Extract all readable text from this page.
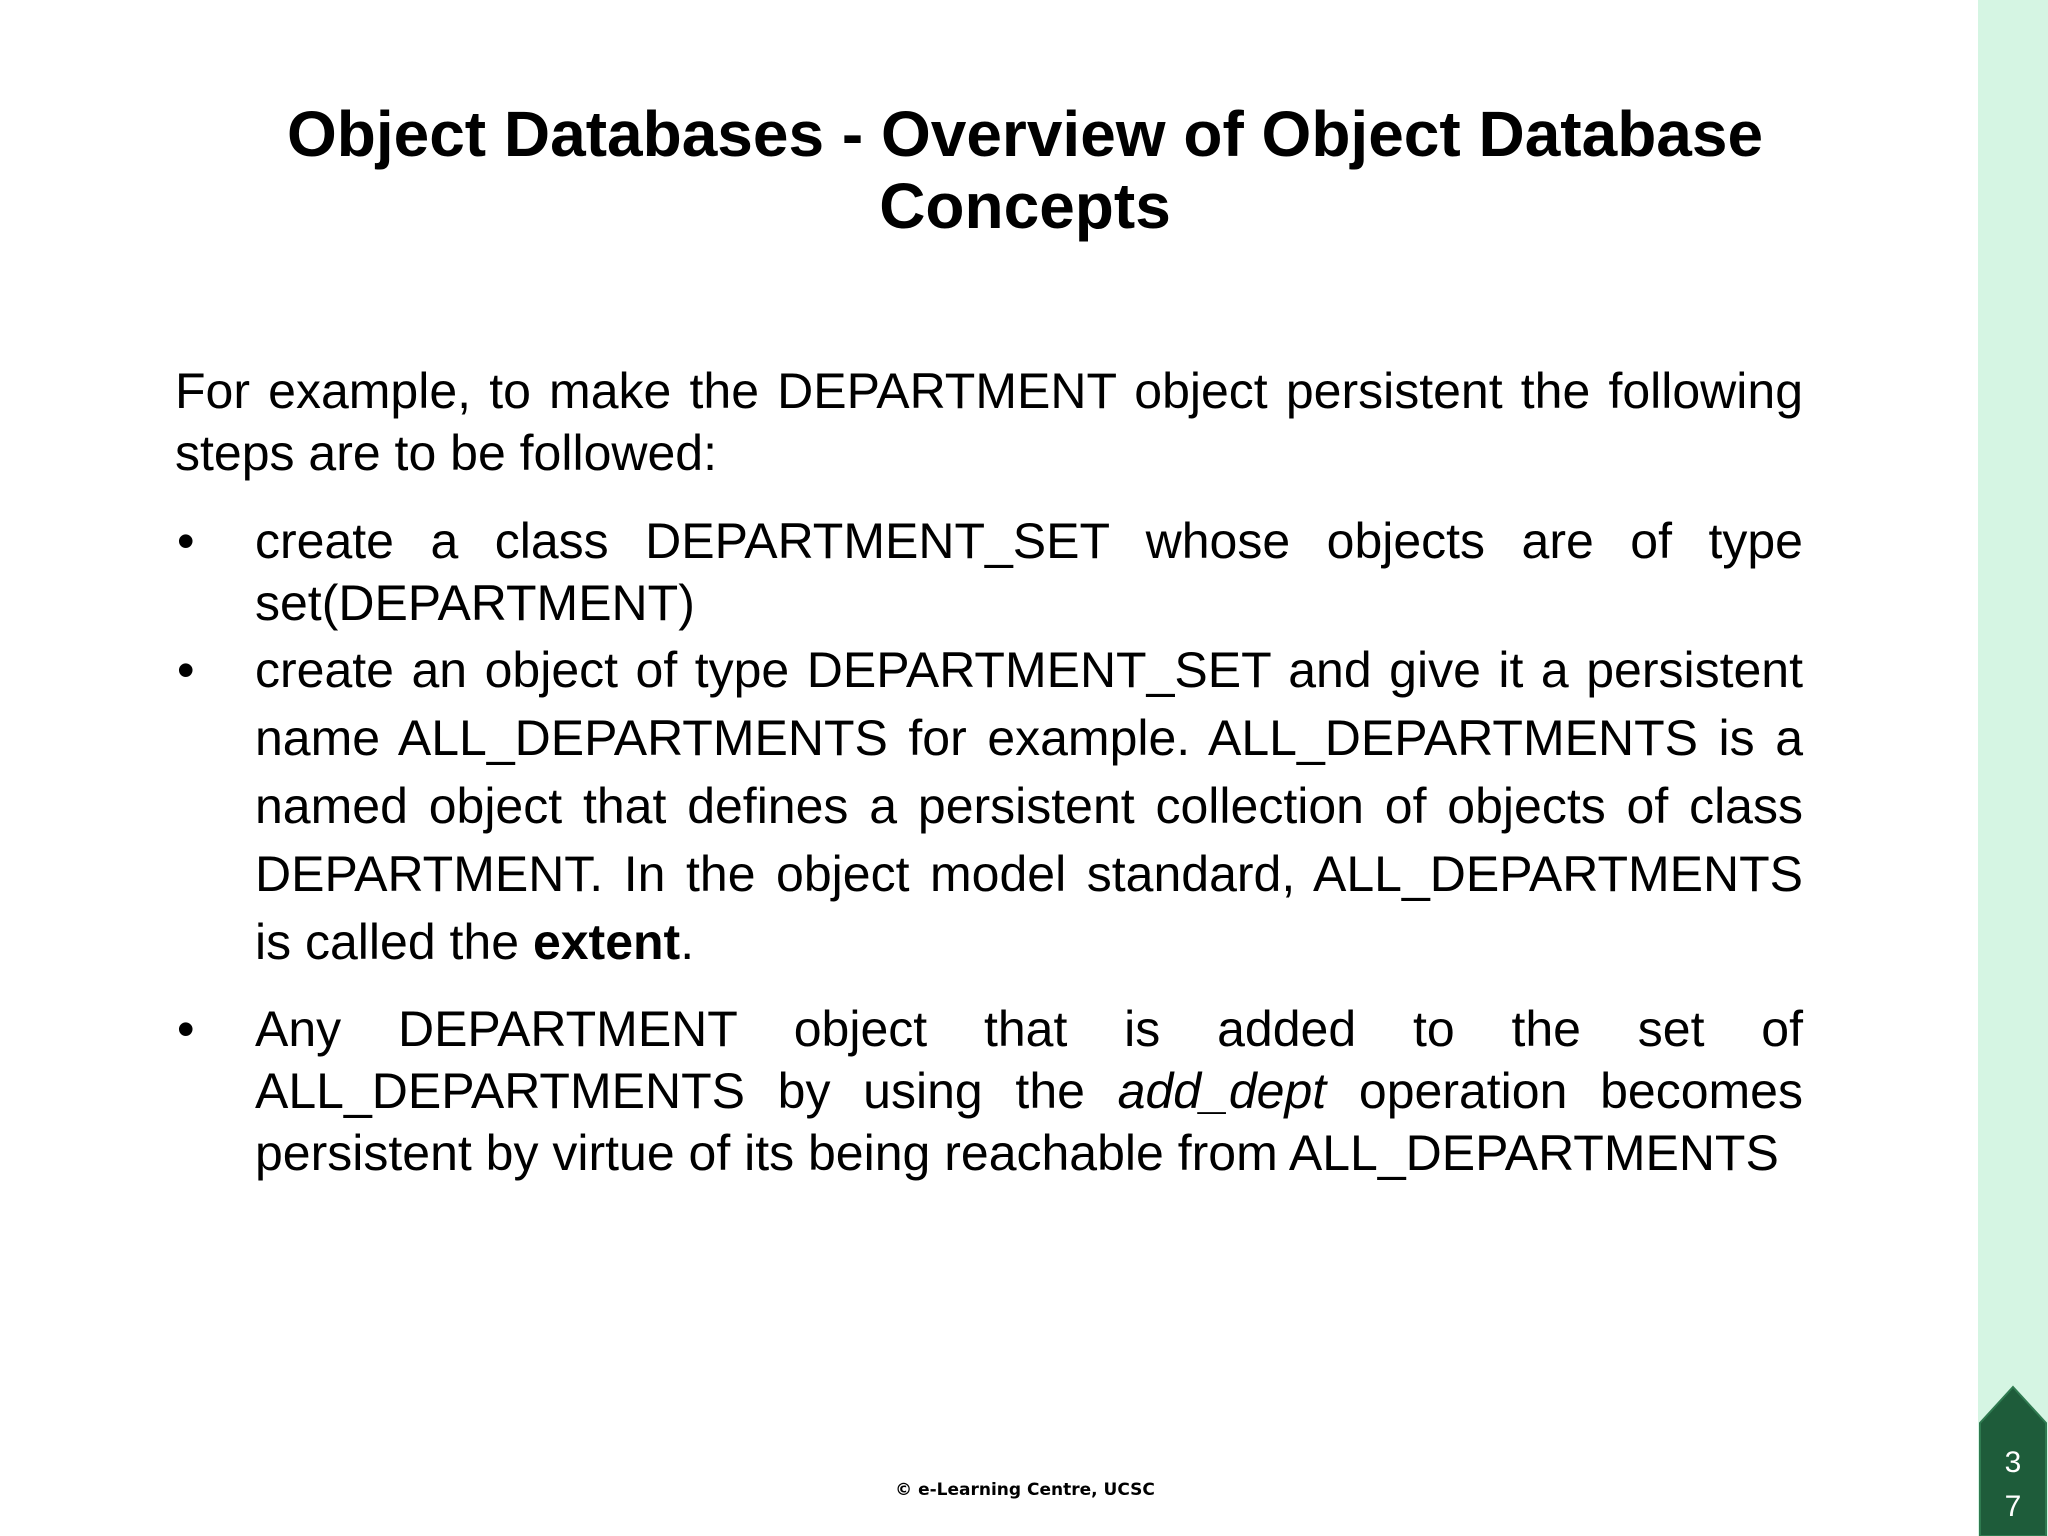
Object Databases - Overview of Object Database
Concepts

For example, to make the DEPARTMENT object persistent the following steps are to be followed:

• create a class DEPARTMENT_SET whose objects are of type set(DEPARTMENT)
• create an object of type DEPARTMENT_SET and give it a persistent name ALL_DEPARTMENTS for example. ALL_DEPARTMENTS is a named object that defines a persistent collection of objects of class DEPARTMENT. In the object model standard, ALL_DEPARTMENTS is called the extent.
• Any DEPARTMENT object that is added to the set of ALL_DEPARTMENTS by using the add_dept operation becomes persistent by virtue of its being reachable from ALL_DEPARTMENTS
© e-Learning Centre, UCSC
3
7
